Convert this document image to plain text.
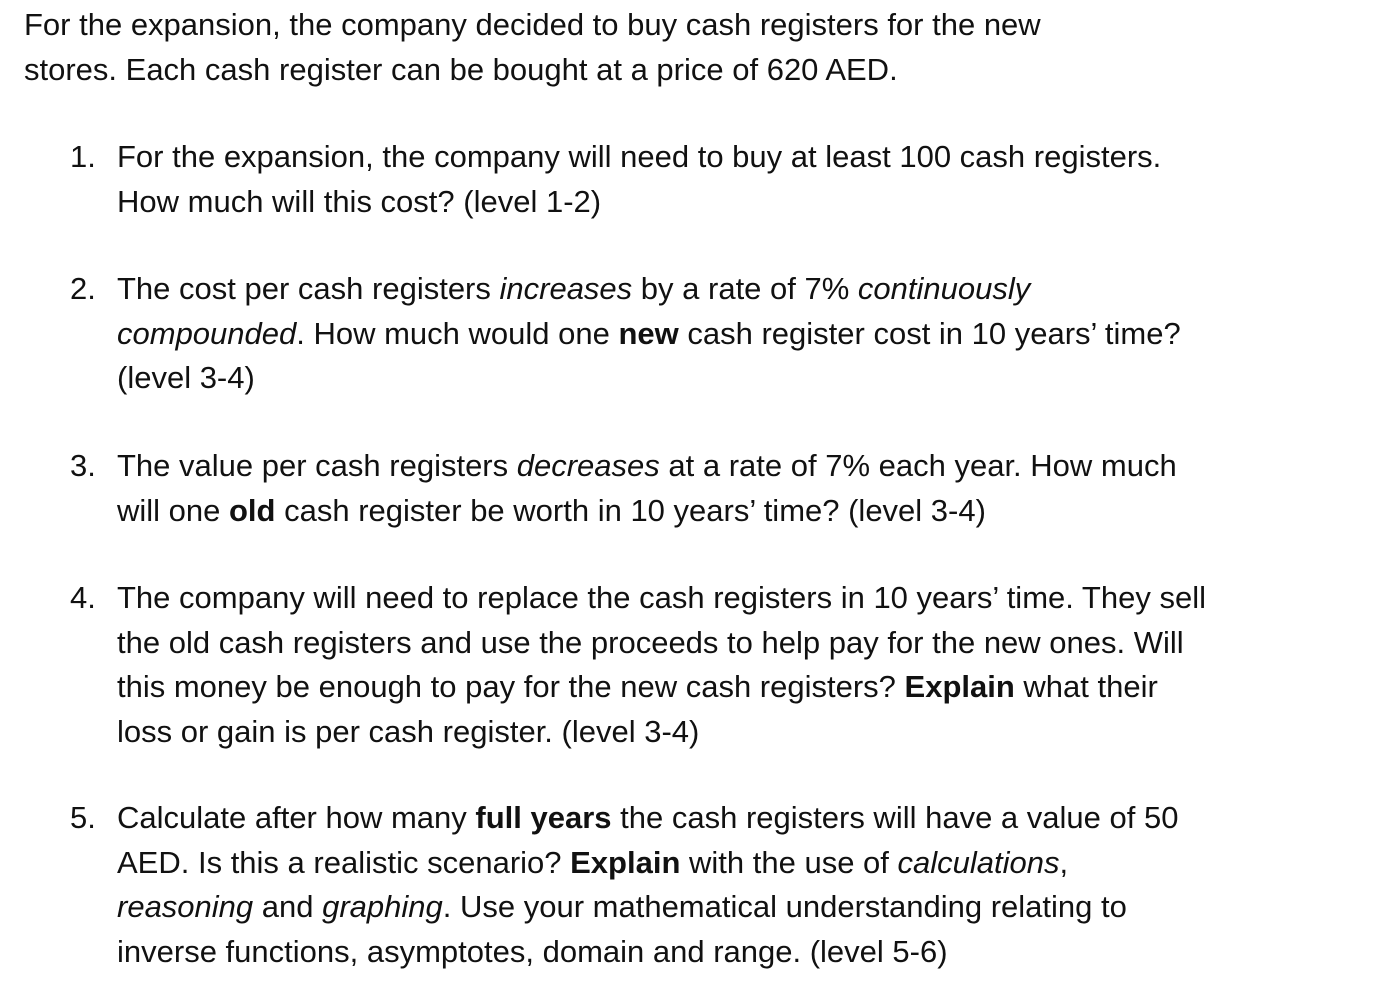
For the expansion, the company decided to buy cash registers for the new
stores. Each cash register can be bought at a price of 620 AED.

1. For the expansion, the company will need to buy at least 100 cash registers. How much will this cost? (level 1-2)
2. The cost per cash registers increases by a rate of 7% continuously compounded. How much would one new cash register cost in 10 years’ time? (level 3-4)
3. The value per cash registers decreases at a rate of 7% each year. How much will one old cash register be worth in 10 years’ time? (level 3-4)
4. The company will need to replace the cash registers in 10 years’ time. They sell the old cash registers and use the proceeds to help pay for the new ones. Will this money be enough to pay for the new cash registers? Explain what their loss or gain is per cash register. (level 3-4)
5. Calculate after how many full years the cash registers will have a value of 50 AED. Is this a realistic scenario? Explain with the use of calculations, reasoning and graphing. Use your mathematical understanding relating to inverse functions, asymptotes, domain and range. (level 5-6)
